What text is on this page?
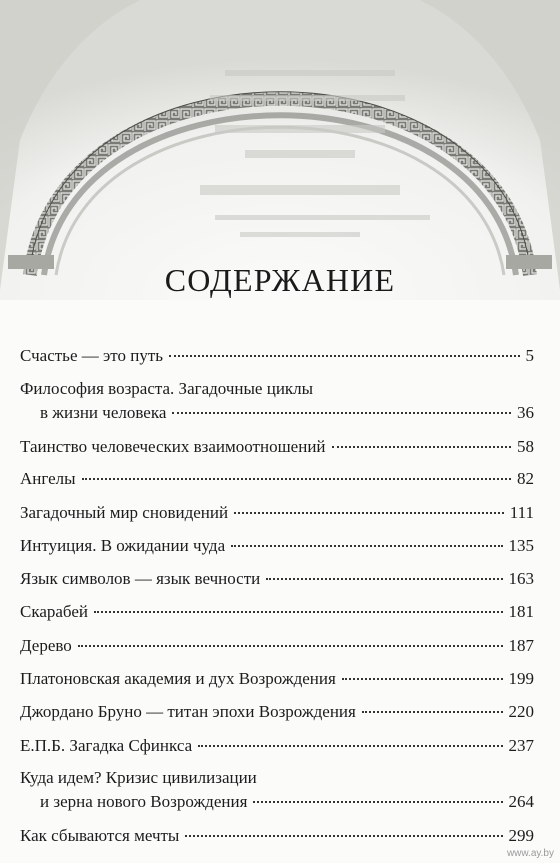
СОДЕРЖАНИЕ
Счастье — это путь	5
Философия возраста. Загадочные циклы
в жизни человека	36
Таинство человеческих взаимоотношений	58
Ангелы	82
Загадочный мир сновидений	111
Интуиция. В ожидании чуда	135
Язык символов — язык вечности	163
Скарабей	181
Дерево	187
Платоновская академия и дух Возрождения	199
Джордано Бруно — титан эпохи Возрождения	220
Е.П.Б. Загадка Сфинкса	237
Куда идем? Кризис цивилизации
и зерна нового Возрождения	264
Как сбываются мечты	299
www.ay.by
